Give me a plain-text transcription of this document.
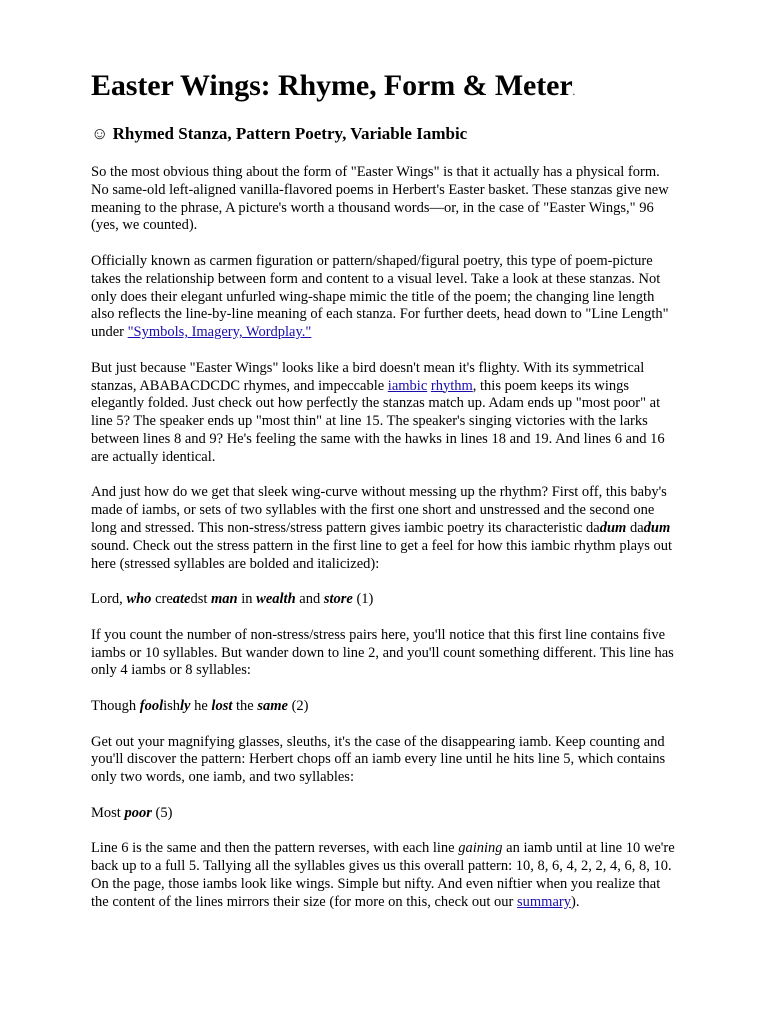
Easter Wings: Rhyme, Form & Meter.
☺ Rhymed Stanza, Pattern Poetry, Variable Iambic

So the most obvious thing about the form of "Easter Wings" is that it actually has a physical form. No same-old left-aligned vanilla-flavored poems in Herbert's Easter basket. These stanzas give new meaning to the phrase, A picture's worth a thousand words—or, in the case of "Easter Wings," 96 (yes, we counted).

Officially known as carmen figuration or pattern/shaped/figural poetry, this type of poem-picture takes the relationship between form and content to a visual level. Take a look at these stanzas. Not only does their elegant unfurled wing-shape mimic the title of the poem; the changing line length also reflects the line-by-line meaning of each stanza. For further deets, head down to "Line Length" under "Symbols, Imagery, Wordplay."

But just because "Easter Wings" looks like a bird doesn't mean it's flighty. With its symmetrical stanzas, ABABACDCDC rhymes, and impeccable iambic rhythm, this poem keeps its wings elegantly folded. Just check out how perfectly the stanzas match up. Adam ends up "most poor" at line 5? The speaker ends up "most thin" at line 15. The speaker's singing victories with the larks between lines 8 and 9? He's feeling the same with the hawks in lines 18 and 19. And lines 6 and 16 are actually identical.

And just how do we get that sleek wing-curve without messing up the rhythm? First off, this baby's made of iambs, or sets of two syllables with the first one short and unstressed and the second one long and stressed. This non-stress/stress pattern gives iambic poetry its characteristic dadum dadum sound. Check out the stress pattern in the first line to get a feel for how this iambic rhythm plays out here (stressed syllables are bolded and italicized):

Lord, who createdst man in wealth and store (1)

If you count the number of non-stress/stress pairs here, you'll notice that this first line contains five iambs or 10 syllables. But wander down to line 2, and you'll count something different. This line has only 4 iambs or 8 syllables:

Though foolishly he lost the same (2)

Get out your magnifying glasses, sleuths, it's the case of the disappearing iamb. Keep counting and you'll discover the pattern: Herbert chops off an iamb every line until he hits line 5, which contains only two words, one iamb, and two syllables:

Most poor (5)

Line 6 is the same and then the pattern reverses, with each line gaining an iamb until at line 10 we're back up to a full 5. Tallying all the syllables gives us this overall pattern: 10, 8, 6, 4, 2, 2, 4, 6, 8, 10. On the page, those iambs look like wings. Simple but nifty. And even niftier when you realize that the content of the lines mirrors their size (for more on this, check out our summary).
